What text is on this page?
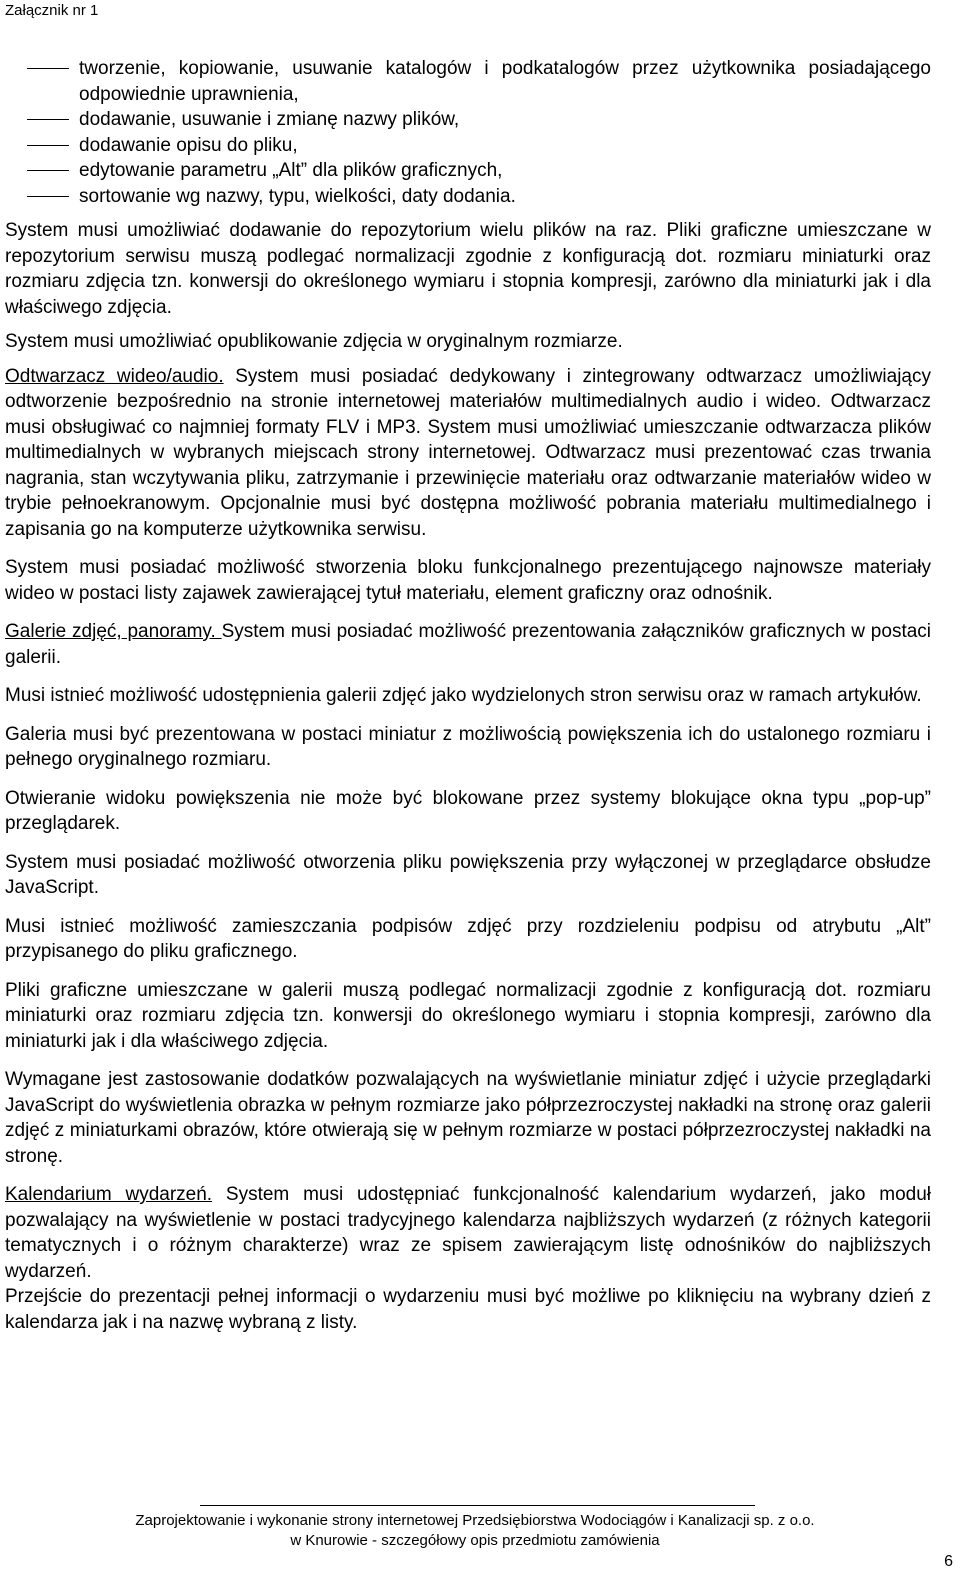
Załącznik nr 1
tworzenie, kopiowanie, usuwanie katalogów i podkatalogów przez użytkownika posiadającego odpowiednie uprawnienia,
dodawanie, usuwanie i zmianę nazwy plików,
dodawanie opisu do pliku,
edytowanie parametru „Alt” dla plików graficznych,
sortowanie wg nazwy, typu, wielkości, daty dodania.

System musi umożliwiać dodawanie do repozytorium wielu plików na raz. Pliki graficzne umieszczane w repozytorium serwisu muszą podlegać normalizacji zgodnie z konfiguracją dot. rozmiaru miniaturki oraz rozmiaru zdjęcia tzn. konwersji do określonego wymiaru i stopnia kompresji, zarówno dla miniaturki jak i dla właściwego zdjęcia.

System musi umożliwiać opublikowanie zdjęcia w oryginalnym rozmiarze.

Odtwarzacz wideo/audio. System musi posiadać dedykowany i zintegrowany odtwarzacz umożliwiający odtworzenie bezpośrednio na stronie internetowej materiałów multimedialnych audio i wideo. Odtwarzacz musi obsługiwać co najmniej formaty FLV i MP3. System musi umożliwiać umieszczanie odtwarzacza plików multimedialnych w wybranych miejscach strony internetowej. Odtwarzacz musi prezentować czas trwania nagrania, stan wczytywania pliku, zatrzymanie i przewinięcie materiału oraz odtwarzanie materiałów wideo w trybie pełnoekranowym. Opcjonalnie musi być dostępna możliwość pobrania materiału multimedialnego i zapisania go na komputerze użytkownika serwisu.

System musi posiadać możliwość stworzenia bloku funkcjonalnego prezentującego najnowsze materiały wideo w postaci listy zajawek zawierającej tytuł materiału, element graficzny oraz odnośnik.

Galerie zdjęć, panoramy. System musi posiadać możliwość prezentowania załączników graficznych w postaci galerii.

Musi istnieć możliwość udostępnienia galerii zdjęć jako wydzielonych stron serwisu oraz w ramach artykułów.

Galeria musi być prezentowana w postaci miniatur z możliwością powiększenia ich do ustalonego rozmiaru i pełnego oryginalnego rozmiaru.

Otwieranie widoku powiększenia nie może być blokowane przez systemy blokujące okna typu „pop-up” przeglądarek.

System musi posiadać możliwość otworzenia pliku powiększenia przy wyłączonej w przeglądarce obsłudze JavaScript.

Musi istnieć możliwość zamieszczania podpisów zdjęć przy rozdzieleniu podpisu od atrybutu „Alt” przypisanego do pliku graficznego.

Pliki graficzne umieszczane w galerii muszą podlegać normalizacji zgodnie z konfiguracją dot. rozmiaru miniaturki oraz rozmiaru zdjęcia tzn. konwersji do określonego wymiaru i stopnia kompresji, zarówno dla miniaturki jak i dla właściwego zdjęcia.

Wymagane jest zastosowanie dodatków pozwalających na wyświetlanie miniatur zdjęć i użycie przeglądarki JavaScript do wyświetlenia obrazka w pełnym rozmiarze jako półprzezroczystej nakładki na stronę oraz galerii zdjęć z miniaturkami obrazów, które otwierają się w pełnym rozmiarze w postaci półprzezroczystej nakładki na stronę.

Kalendarium wydarzeń. System musi udostępniać funkcjonalność kalendarium wydarzeń, jako moduł pozwalający na wyświetlenie w postaci tradycyjnego kalendarza najbliższych wydarzeń (z różnych kategorii tematycznych i o różnym charakterze) wraz ze spisem zawierającym listę odnośników do najbliższych wydarzeń.

Przejście do prezentacji pełnej informacji o wydarzeniu musi być możliwe po kliknięciu na wybrany dzień z kalendarza jak i na nazwę wybraną z listy.

Zaprojektowanie i wykonanie strony internetowej Przedsiębiorstwa Wodociągów i Kanalizacji sp. z o.o.
w Knurowie - szczegółowy opis przedmiotu zamówienia
6
